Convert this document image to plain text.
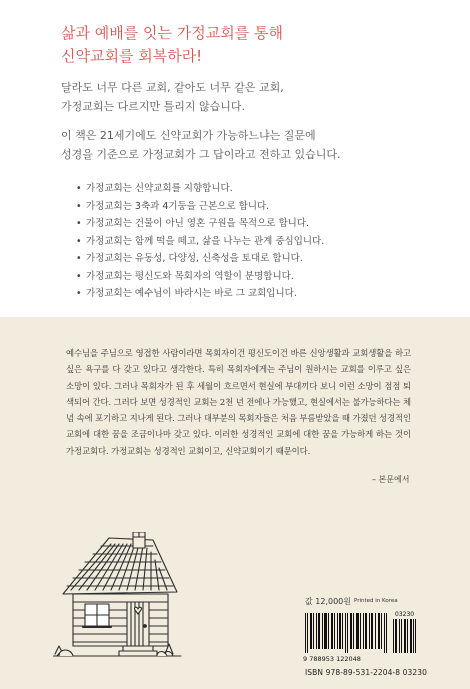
삶과 예배를 잇는 가정교회를 통해
신약교회를 회복하라!

달라도 너무 다른 교회, 같아도 너무 같은 교회,
가정교회는 다르지만 틀리지 않습니다.

이 책은 21세기에도 신약교회가 가능하느냐는 질문에
성경을 기준으로 가정교회가 그 답이라고 전하고 있습니다.

• 가정교회는 신약교회를 지향합니다.
• 가정교회는 3축과 4기둥을 근본으로 합니다.
• 가정교회는 건물이 아닌 영혼 구원을 목적으로 합니다.
• 가정교회는 함께 떡을 떼고, 삶을 나누는 관계 중심입니다.
• 가정교회는 유동성, 다양성, 신축성을 토대로 합니다.
• 가정교회는 평신도와 목회자의 역할이 분명합니다.
• 가정교회는 예수님이 바라시는 바로 그 교회입니다.

예수님을 주님으로 영접한 사람이라면 목회자이건 평신도이건 바른 신앙생활과 교회생활을 하고 싶은 욕구를 다 갖고 있다고 생각한다. 특히 목회자에게는 주님이 원하시는 교회를 이루고 싶은 소망이 있다. 그러나 목회자가 된 후 세월이 흐르면서 현실에 부대끼다 보니 이런 소망이 점점 퇴색되어 간다. 그러다 보면 성경적인 교회는 2천 년 전에나 가능했고, 현실에서는 불가능하다는 체념 속에 포기하고 지나게 된다. 그러나 대부분의 목회자들은 처음 부름받았을 때 가졌던 성경적인 교회에 대한 꿈을 조금이나마 갖고 있다. 이러한 성경적인 교회에 대한 꿈을 가능하게 하는 것이 가정교회다. 가정교회는 성경적인 교회이고, 신약교회이기 때문이다.

– 본문에서

값 12,000원 Printed in Korea
9 788953 122048
03230
ISBN 978-89-531-2204-8 03230
